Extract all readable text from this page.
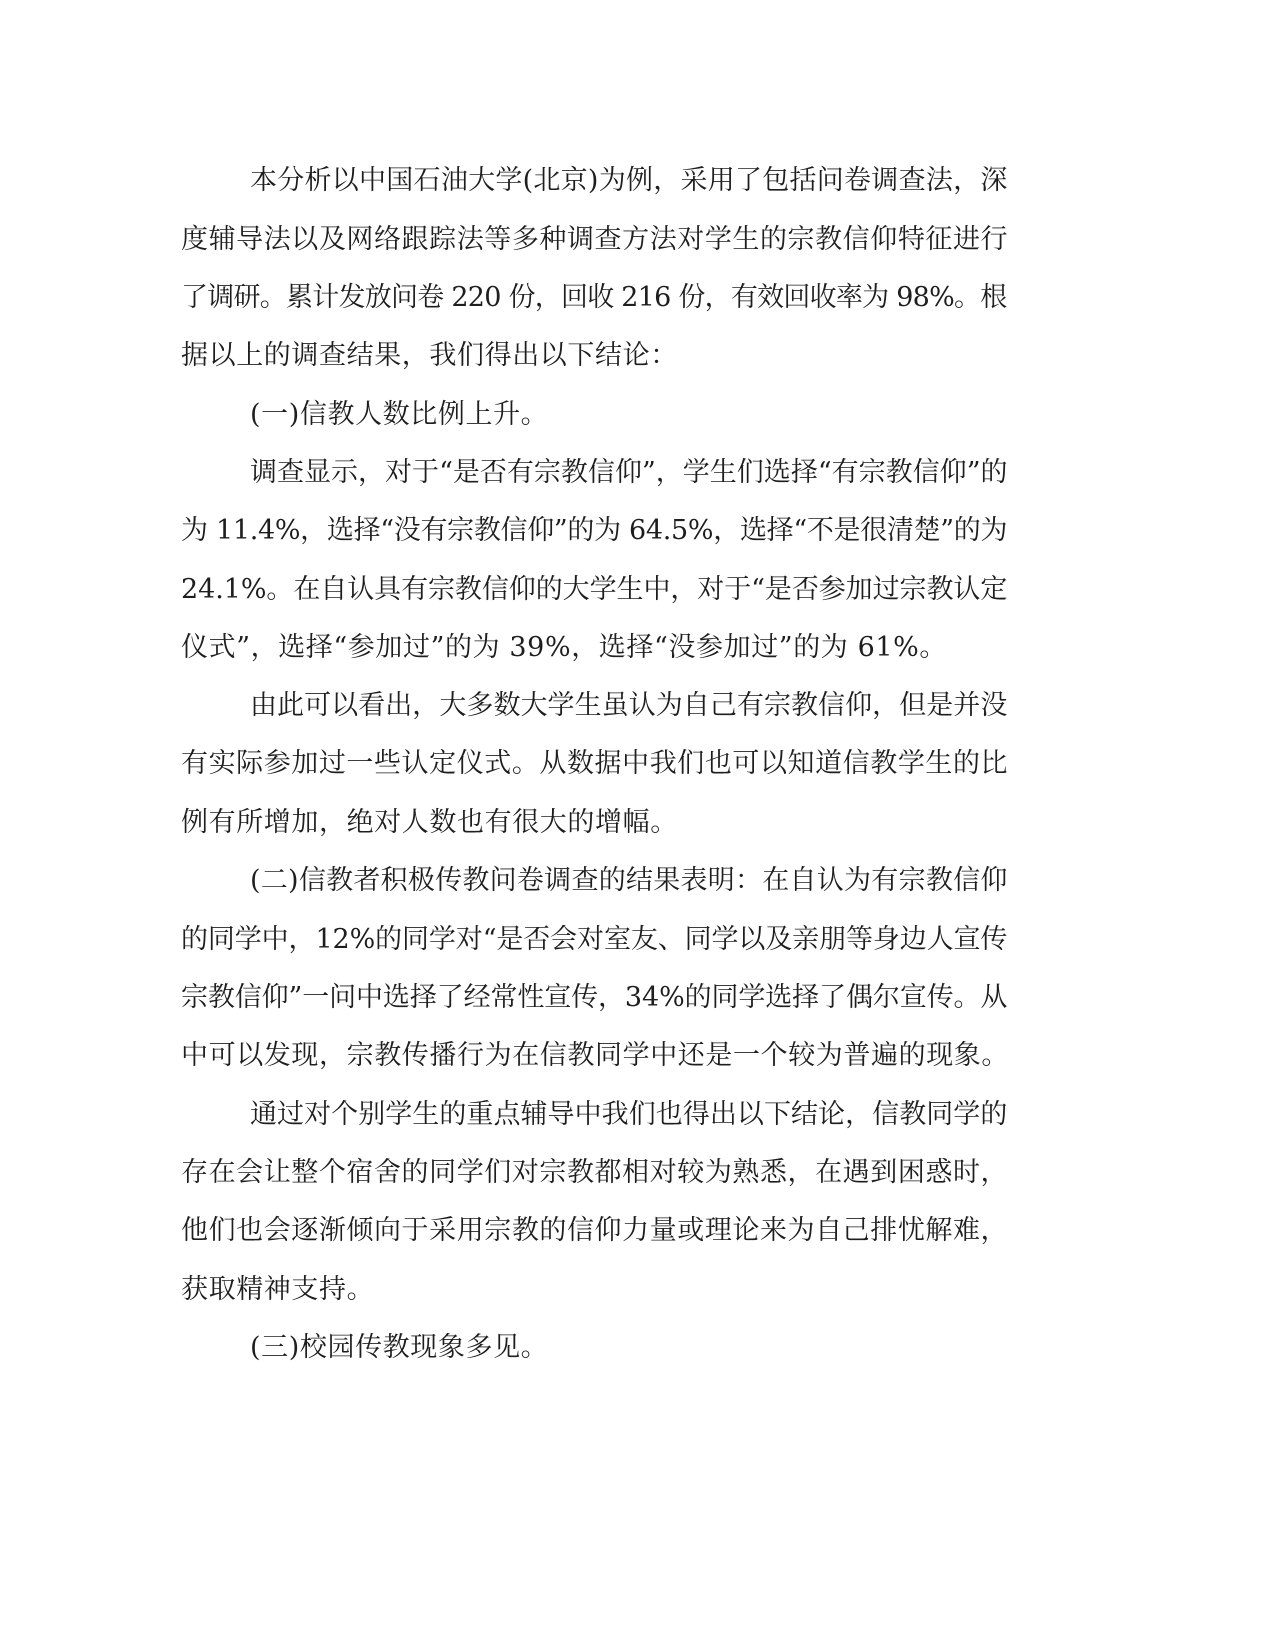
本分析以中国石油大学(北京)为例，采用了包括问卷调查法，深

度辅导法以及网络跟踪法等多种调查方法对学生的宗教信仰特征进行

了调研。累计发放问卷 220 份，回收 216 份，有效回收率为 98%。根

据以上的调查结果，我们得出以下结论：

(一)信教人数比例上升。

调查显示，对于“是否有宗教信仰”，学生们选择“有宗教信仰”的

为 11.4%，选择“没有宗教信仰”的为 64.5%，选择“不是很清楚”的为

24.1%。在自认具有宗教信仰的大学生中，对于“是否参加过宗教认定

仪式”，选择“参加过”的为 39%，选择“没参加过”的为 61%。

由此可以看出，大多数大学生虽认为自己有宗教信仰，但是并没

有实际参加过一些认定仪式。从数据中我们也可以知道信教学生的比

例有所增加，绝对人数也有很大的增幅。

(二)信教者积极传教问卷调查的结果表明：在自认为有宗教信仰

的同学中，12%的同学对“是否会对室友、同学以及亲朋等身边人宣传

宗教信仰”一问中选择了经常性宣传，34%的同学选择了偶尔宣传。从

中可以发现，宗教传播行为在信教同学中还是一个较为普遍的现象。

通过对个别学生的重点辅导中我们也得出以下结论，信教同学的

存在会让整个宿舍的同学们对宗教都相对较为熟悉，在遇到困惑时，

他们也会逐渐倾向于采用宗教的信仰力量或理论来为自己排忧解难，

获取精神支持。

(三)校园传教现象多见。
